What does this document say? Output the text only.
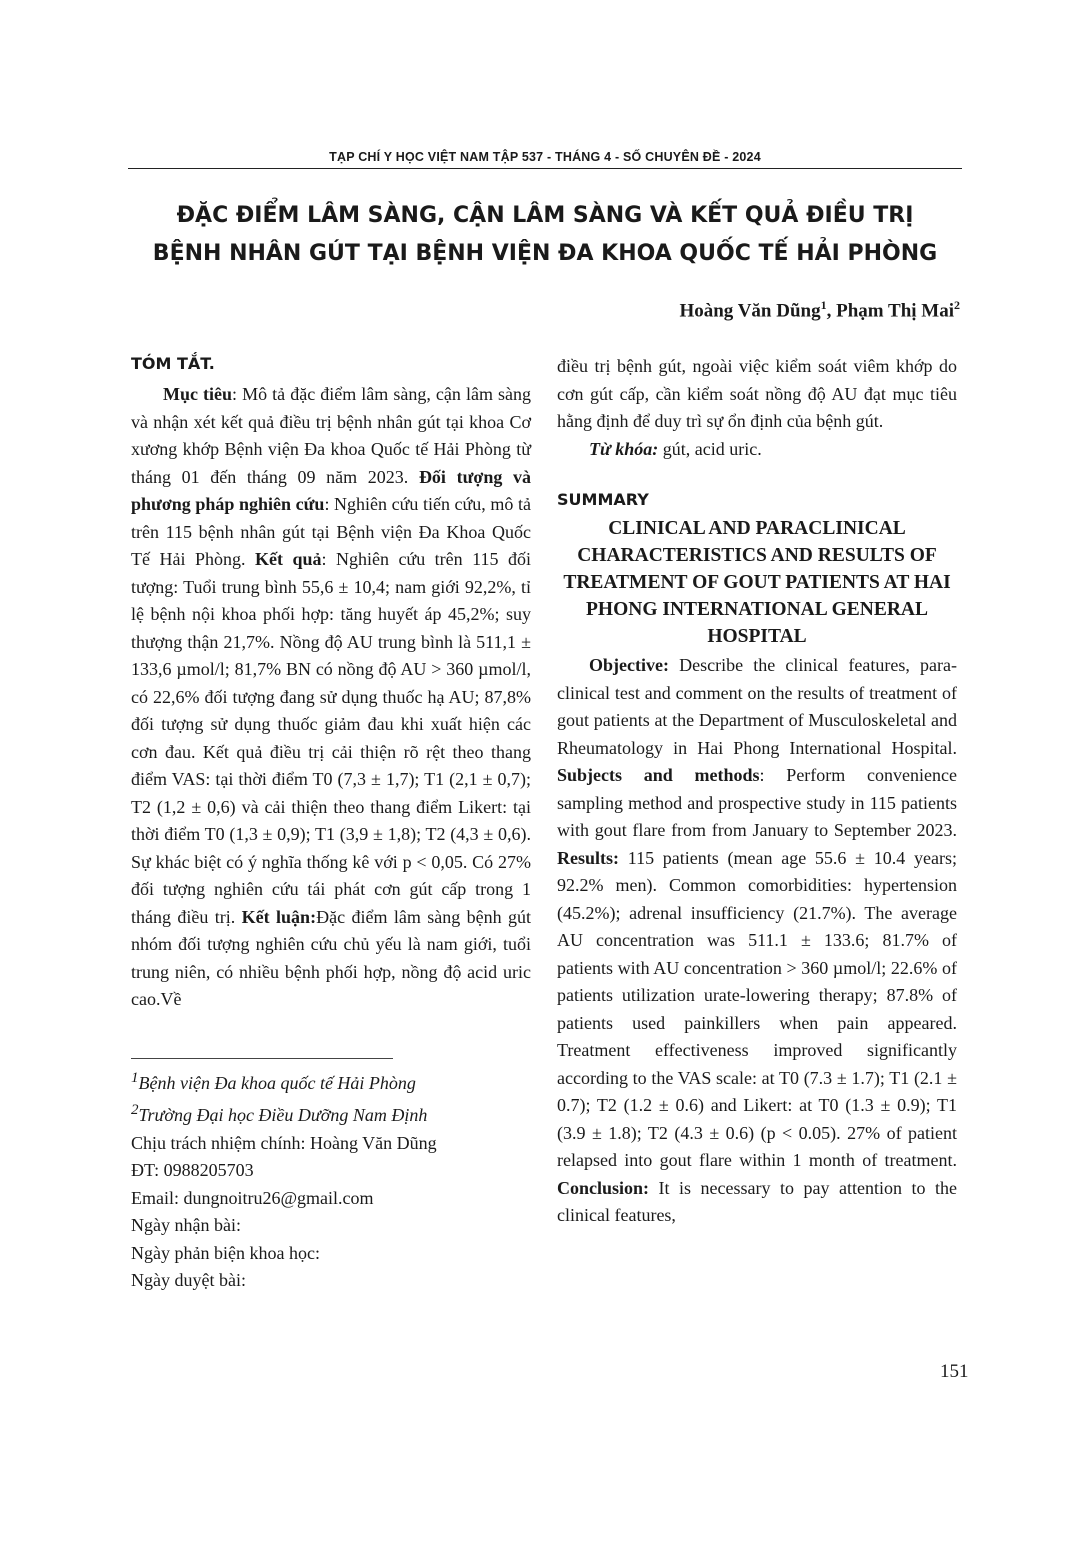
TẠP CHÍ Y HỌC VIỆT NAM TẬP 537 - THÁNG 4 - SỐ CHUYÊN ĐỀ - 2024
ĐẶC ĐIỂM LÂM SÀNG, CẬN LÂM SÀNG VÀ KẾT QUẢ ĐIỀU TRỊ
BỆNH NHÂN GÚT TẠI BỆNH VIỆN ĐA KHOA QUỐC TẾ HẢI PHÒNG
Hoàng Văn Dũng$^1$, Phạm Thị Mai$^2$
TÓM TẮT.

Mục tiêu: Mô tả đặc điểm lâm sàng, cận lâm sàng và nhận xét kết quả điều trị bệnh nhân gút tại khoa Cơ xương khớp Bệnh viện Đa khoa Quốc tế Hải Phòng từ tháng 01 đến tháng 09 năm 2023. Đối tượng và phương pháp nghiên cứu: Nghiên cứu tiến cứu, mô tả trên 115 bệnh nhân gút tại Bệnh viện Đa Khoa Quốc Tế Hải Phòng. Kết quả: Nghiên cứu trên 115 đối tượng: Tuổi trung bình 55,6 ± 10,4; nam giới 92,2%, tỉ lệ bệnh nội khoa phối hợp: tăng huyết áp 45,2%; suy thượng thận 21,7%. Nồng độ AU trung bình là 511,1 ± 133,6 µmol/l; 81,7% BN có nồng độ AU > 360 µmol/l, có 22,6% đối tượng đang sử dụng thuốc hạ AU; 87,8% đối tượng sử dụng thuốc giảm đau khi xuất hiện các cơn đau. Kết quả điều trị cải thiện rõ rệt theo thang điểm VAS: tại thời điểm T0 (7,3 ± 1,7); T1 (2,1 ± 0,7); T2 (1,2 ± 0,6) và cải thiện theo thang điểm Likert: tại thời điểm T0 (1,3 ± 0,9); T1 (3,9 ± 1,8); T2 (4,3 ± 0,6). Sự khác biệt có ý nghĩa thống kê với p < 0,05. Có 27% đối tượng nghiên cứu tái phát cơn gút cấp trong 1 tháng điều trị. Kết luận:Đặc điểm lâm sàng bệnh gút nhóm đối tượng nghiên cứu chủ yếu là nam giới, tuổi trung niên, có nhiều bệnh phối hợp, nồng độ acid uric cao.Về

$^1$Bệnh viện Đa khoa quốc tế Hải Phòng

$^2$Trường Đại học Điều Dưỡng Nam Định

Chịu trách nhiệm chính: Hoàng Văn Dũng

ĐT: 0988205703

Email: dungnoitru26@gmail.com

Ngày nhận bài:

Ngày phản biện khoa học:

Ngày duyệt bài:

điều trị bệnh gút, ngoài việc kiểm soát viêm khớp do cơn gút cấp, cần kiểm soát nồng độ AU đạt mục tiêu hằng định để duy trì sự ổn định của bệnh gút.

Từ khóa: gút, acid uric.

SUMMARY
CLINICAL AND PARACLINICAL CHARACTERISTICS AND RESULTS OF TREATMENT OF GOUT PATIENTS AT HAI PHONG INTERNATIONAL GENERAL HOSPITAL

Objective: Describe the clinical features, para-clinical test and comment on the results of treatment of gout patients at the Department of Musculoskeletal and Rheumatology in Hai Phong International Hospital. Subjects and methods: Perform convenience sampling method and prospective study in 115 patients with gout flare from from January to September 2023. Results: 115 patients (mean age 55.6 ± 10.4 years; 92.2% men). Common comorbidities: hypertension (45.2%); adrenal insufficiency (21.7%). The average AU concentration was 511.1 ± 133.6; 81.7% of patients with AU concentration > 360 µmol/l; 22.6% of patients utilization urate-lowering therapy; 87.8% of patients used painkillers when pain appeared. Treatment effectiveness improved significantly according to the VAS scale: at T0 (7.3 ± 1.7); T1 (2.1 ± 0.7); T2 (1.2 ± 0.6) and Likert: at T0 (1.3 ± 0.9); T1 (3.9 ± 1.8); T2 (4.3 ± 0.6) (p < 0.05). 27% of patient relapsed into gout flare within 1 month of treatment. Conclusion: It is necessary to pay attention to the clinical features,

151
